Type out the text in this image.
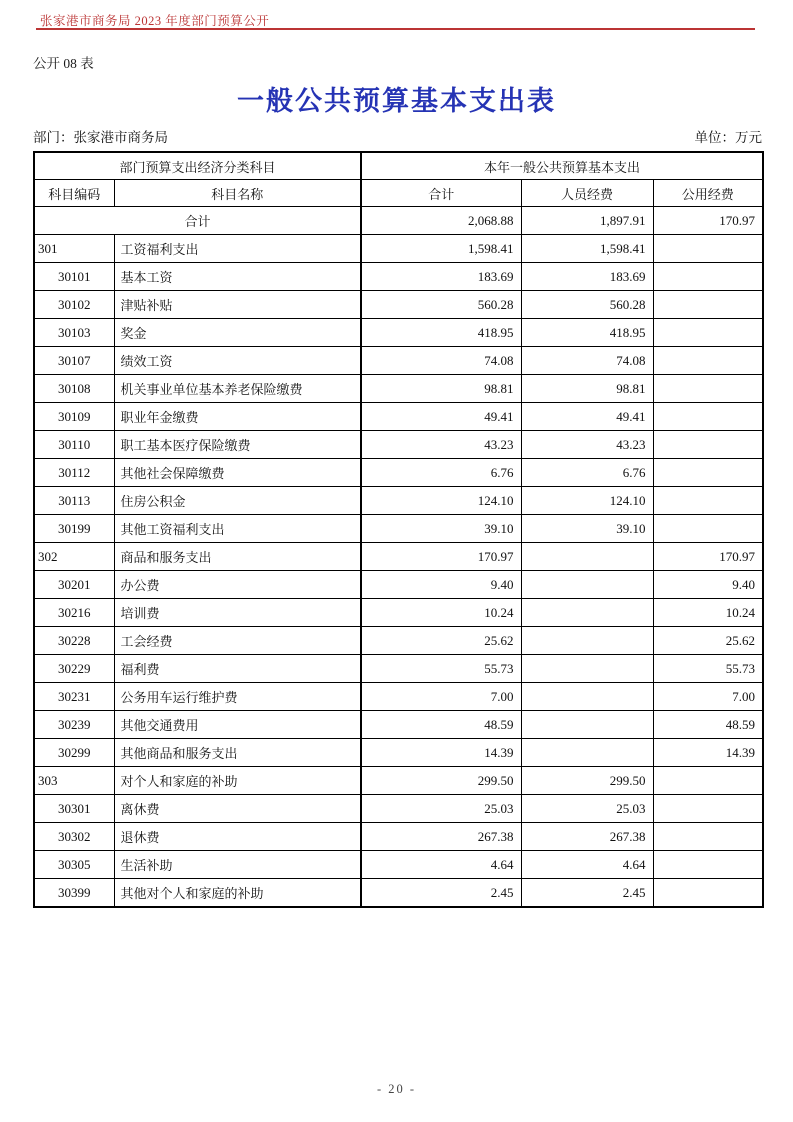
张家港市商务局 2023 年度部门预算公开
公开 08 表
一般公共预算基本支出表
部门：张家港市商务局	单位：万元
部门预算支出经济分类科目		本年一般公共预算基本支出		
科目编码	科目名称	合计	人员经费	公用经费
合计		2,068.88	1,897.91	170.97
301	工资福利支出	1,598.41	1,598.41	
30101	基本工资	183.69	183.69	
30102	津贴补贴	560.28	560.28	
30103	奖金	418.95	418.95	
30107	绩效工资	74.08	74.08	
30108	机关事业单位基本养老保险缴费	98.81	98.81	
30109	职业年金缴费	49.41	49.41	
30110	职工基本医疗保险缴费	43.23	43.23	
30112	其他社会保障缴费	6.76	6.76	
30113	住房公积金	124.10	124.10	
30199	其他工资福利支出	39.10	39.10	
302	商品和服务支出	170.97		170.97
30201	办公费	9.40		9.40
30216	培训费	10.24		10.24
30228	工会经费	25.62		25.62
30229	福利费	55.73		55.73
30231	公务用车运行维护费	7.00		7.00
30239	其他交通费用	48.59		48.59
30299	其他商品和服务支出	14.39		14.39
303	对个人和家庭的补助	299.50	299.50	
30301	离休费	25.03	25.03	
30302	退休费	267.38	267.38	
30305	生活补助	4.64	4.64	
30399	其他对个人和家庭的补助	2.45	2.45	
- 20 -
